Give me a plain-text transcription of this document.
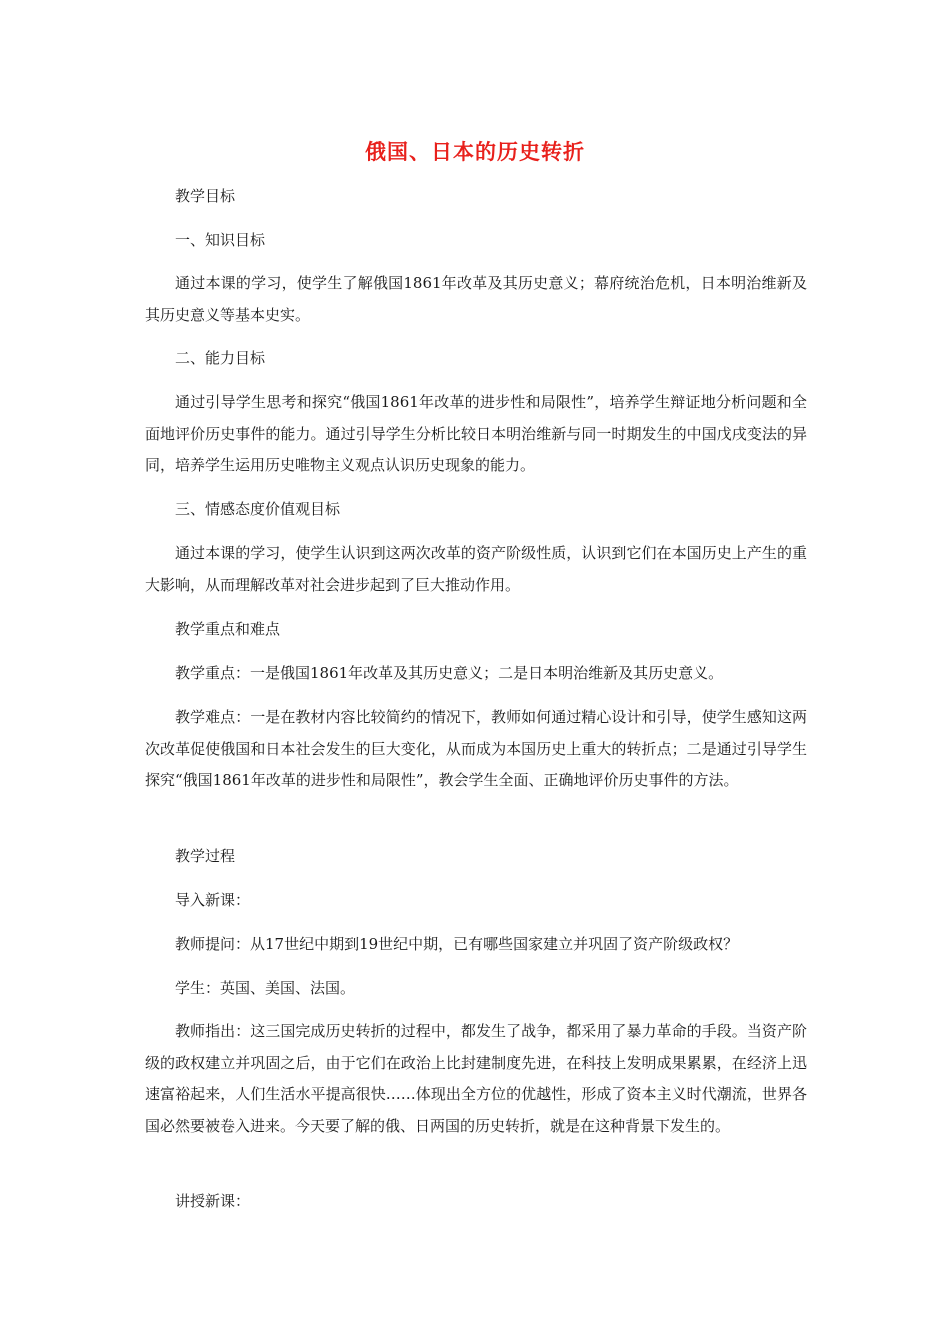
俄国、日本的历史转折

教学目标

一、知识目标

通过本课的学习，使学生了解俄国1861年改革及其历史意义；幕府统治危机，日本明治维新及其历史意义等基本史实。

二、能力目标

通过引导学生思考和探究“俄国1861年改革的进步性和局限性”，培养学生辩证地分析问题和全面地评价历史事件的能力。通过引导学生分析比较日本明治维新与同一时期发生的中国戊戌变法的异同，培养学生运用历史唯物主义观点认识历史现象的能力。

三、情感态度价值观目标

通过本课的学习，使学生认识到这两次改革的资产阶级性质，认识到它们在本国历史上产生的重大影响，从而理解改革对社会进步起到了巨大推动作用。

教学重点和难点

教学重点：一是俄国1861年改革及其历史意义；二是日本明治维新及其历史意义。

教学难点：一是在教材内容比较简约的情况下，教师如何通过精心设计和引导，使学生感知这两次改革促使俄国和日本社会发生的巨大变化，从而成为本国历史上重大的转折点；二是通过引导学生探究“俄国1861年改革的进步性和局限性”，教会学生全面、正确地评价历史事件的方法。

教学过程

导入新课：

教师提问：从17世纪中期到19世纪中期，已有哪些国家建立并巩固了资产阶级政权？

学生：英国、美国、法国。

教师指出：这三国完成历史转折的过程中，都发生了战争，都采用了暴力革命的手段。当资产阶级的政权建立并巩固之后，由于它们在政治上比封建制度先进，在科技上发明成果累累，在经济上迅速富裕起来，人们生活水平提高很快……体现出全方位的优越性，形成了资本主义时代潮流，世界各国必然要被卷入进来。今天要了解的俄、日两国的历史转折，就是在这种背景下发生的。

讲授新课：
